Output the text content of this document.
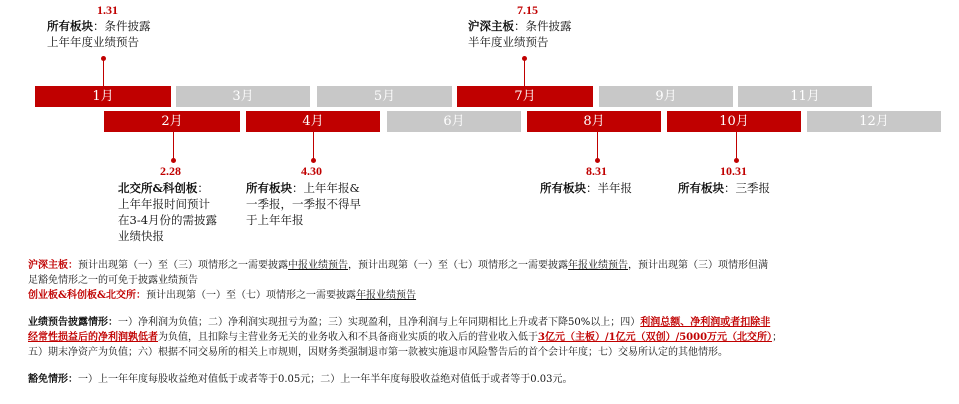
1月	3月	5月	7月	9月	11月
2月	4月	6月	8月	10月	12月
1.31
所有板块：条件披露
上年年度业绩预告
7.15
沪深主板：条件披露
半年度业绩预告
2.28
北交所&科创板：
上年年报时间预计
在3-4月份的需披露
业绩快报
4.30
所有板块：上年年报&
一季报，一季报不得早
于上年年报
8.31
所有板块：半年报
10.31
所有板块：三季报

沪深主板：预计出现第（一）至（三）项情形之一需要披露中报业绩预告，预计出现第（一）至（七）项情形之一需要披露年报业绩预告，预计出现第（三）项情形但满
足豁免情形之一的可免于披露业绩预告

创业板&科创板&北交所：预计出现第（一）至（七）项情形之一需要披露年报业绩预告

业绩预告披露情形：一）净利润为负值；二）净利润实现扭亏为盈；三）实现盈利，且净利润与上年同期相比上升或者下降50%以上；四）利润总额、净利润或者扣除非
经常性损益后的净利润孰低者为负值，且扣除与主营业务无关的业务收入和不具备商业实质的收入后的营业收入低于3亿元（主板）/1亿元（双创）/5000万元（北交所）；
五）期末净资产为负值；六）根据不同交易所的相关上市规则，因财务类强制退市第一款被实施退市风险警告后的首个会计年度；七）交易所认定的其他情形。

豁免情形：一）上一年年度每股收益绝对值低于或者等于0.05元；二）上一年半年度每股收益绝对值低于或者等于0.03元。
